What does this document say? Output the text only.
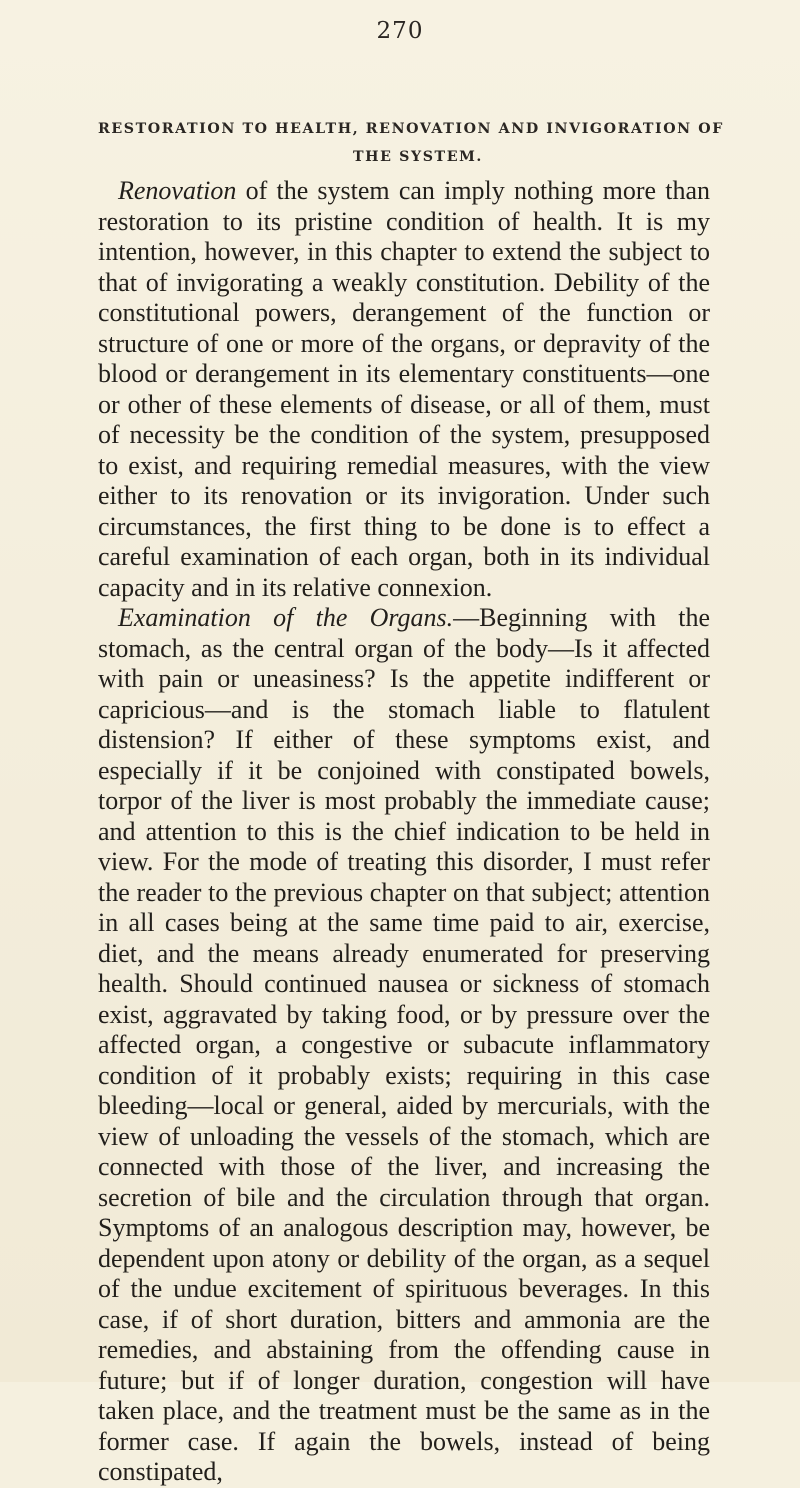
270
RESTORATION TO HEALTH, RENOVATION AND INVIGORATION OF
THE SYSTEM.

Renovation of the system can imply nothing more than restoration to its pristine condition of health. It is my intention, however, in this chapter to extend the subject to that of invigorating a weakly constitution. Debility of the constitutional powers, derangement of the function or structure of one or more of the organs, or depravity of the blood or derangement in its elementary constituents—one or other of these elements of disease, or all of them, must of necessity be the condition of the system, presupposed to exist, and requiring remedial measures, with the view either to its renovation or its invigoration. Under such circumstances, the first thing to be done is to effect a careful examination of each organ, both in its individual capacity and in its relative connexion.

Examination of the Organs.—Beginning with the stomach, as the central organ of the body—Is it affected with pain or uneasiness? Is the appetite indifferent or capricious—and is the stomach liable to flatulent distension? If either of these symptoms exist, and especially if it be conjoined with constipated bowels, torpor of the liver is most probably the immediate cause; and attention to this is the chief indication to be held in view. For the mode of treating this disorder, I must refer the reader to the previous chapter on that subject; attention in all cases being at the same time paid to air, exercise, diet, and the means already enumerated for preserving health. Should continued nausea or sickness of stomach exist, aggravated by taking food, or by pressure over the affected organ, a congestive or subacute inflammatory condition of it probably exists; requiring in this case bleeding—local or general, aided by mercurials, with the view of unloading the vessels of the stomach, which are connected with those of the liver, and increasing the secretion of bile and the circulation through that organ. Symptoms of an analogous description may, however, be dependent upon atony or debility of the organ, as a sequel of the undue excitement of spirituous beverages. In this case, if of short duration, bitters and ammonia are the remedies, and abstaining from the offending cause in future; but if of longer duration, congestion will have taken place, and the treatment must be the same as in the former case. If again the bowels, instead of being constipated,
